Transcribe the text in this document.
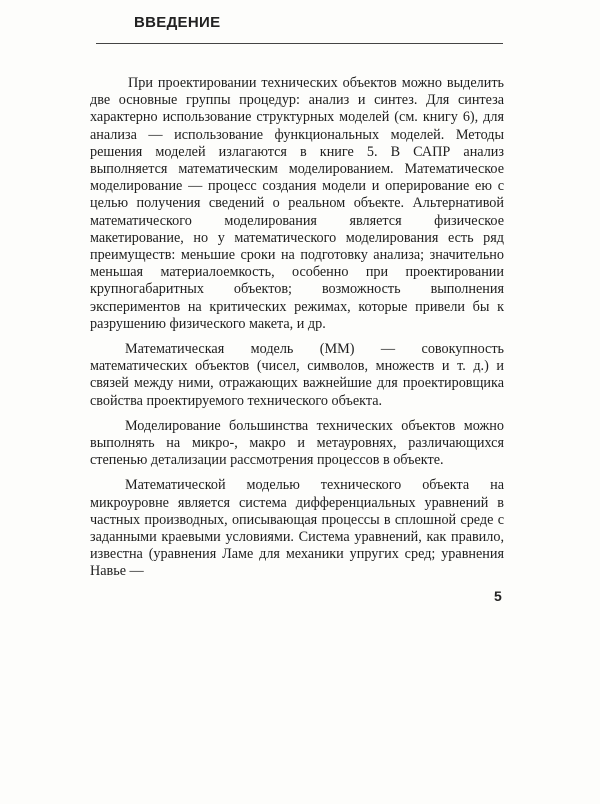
ВВЕДЕНИЕ

При проектировании технических объектов можно выделить две основные группы процедур: анализ и синтез. Для синтеза характерно использование структурных моделей (см. книгу 6), для анализа — использование функциональных моделей. Методы решения моделей излагаются в книге 5. В САПР анализ выполняется математическим моделированием. Математическое моделирование — процесс создания модели и оперирование ею с целью получения сведений о реальном объекте. Альтернативой математического моделирования является физическое макетирование, но у математического моделирования есть ряд преимуществ: меньшие сроки на подготовку анализа; значительно меньшая материалоемкость, особенно при проектировании крупногабаритных объектов; возможность выполнения экспериментов на критических режимах, которые привели бы к разрушению физического макета, и др.

Математическая модель (ММ) — совокупность математических объектов (чисел, символов, множеств и т. д.) и связей между ними, отражающих важнейшие для проектировщика свойства проектируемого технического объекта.

Моделирование большинства технических объектов можно выполнять на микро-, макро и метауровнях, различающихся степенью детализации рассмотрения процессов в объекте.

Математической моделью технического объекта на микроуровне является система дифференциальных уравнений в частных производных, описывающая процессы в сплошной среде с заданными краевыми условиями. Система уравнений, как правило, известна (уравнения Ламе для механики упругих сред; уравнения Навье —

5
